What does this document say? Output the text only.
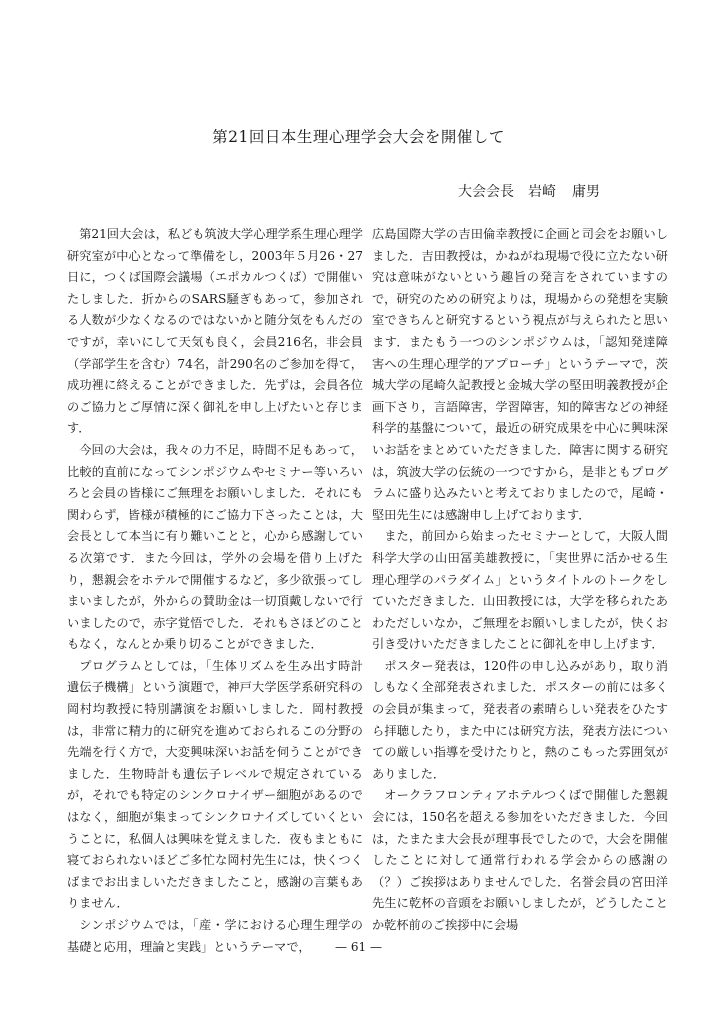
第21回日本生理心理学会大会を開催して
大会会長 岩崎 庸男

第21回大会は，私ども筑波大学心理学系生理心理学研究室が中心となって準備をし，2003年５月26・27日に，つくば国際会議場（エポカルつくば）で開催いたしました．折からのSARS騒ぎもあって，参加される人数が少なくなるのではないかと随分気をもんだのですが，幸いにして天気も良く，会員216名，非会員（学部学生を含む）74名，計290名のご参加を得て，成功裡に終えることができました．先ずは，会員各位のご協力とご厚情に深く御礼を申し上げたいと存じます．

今回の大会は，我々の力不足，時間不足もあって，比較的直前になってシンポジウムやセミナー等いろいろと会員の皆様にご無理をお願いしました．それにも関わらず，皆様が積極的にご協力下さったことは，大会長として本当に有り難いことと，心から感謝している次第です．また今回は，学外の会場を借り上げたり，懇親会をホテルで開催するなど，多少欲張ってしまいましたが，外からの賛助金は一切頂戴しないで行いましたので，赤字覚悟でした．それもさほどのこともなく，なんとか乗り切ることができました．

プログラムとしては，「生体リズムを生み出す時計遺伝子機構」という演題で，神戸大学医学系研究科の岡村均教授に特別講演をお願いしました．岡村教授は，非常に精力的に研究を進めておられるこの分野の先端を行く方で，大変興味深いお話を伺うことができました．生物時計も遺伝子レベルで規定されているが，それでも特定のシンクロナイザー細胞があるのではなく，細胞が集まってシンクロナイズしていくということに，私個人は興味を覚えました．夜もまともに寝ておられないほどご多忙な岡村先生には，快くつくばまでお出ましいただきましたこと，感謝の言葉もありません．

シンポジウムでは，「産・学における心理生理学の基礎と応用，理論と実践」というテーマで，

広島国際大学の吉田倫幸教授に企画と司会をお願いしました．吉田教授は，かねがね現場で役に立たない研究は意味がないという趣旨の発言をされていますので，研究のための研究よりは，現場からの発想を実験室できちんと研究するという視点が与えられたと思います．またもう一つのシンポジウムは，「認知発達障害への生理心理学的アプローチ」というテーマで，茨城大学の尾崎久記教授と金城大学の堅田明義教授が企画下さり，言語障害，学習障害，知的障害などの神経科学的基盤について，最近の研究成果を中心に興味深いお話をまとめていただきました．障害に関する研究は，筑波大学の伝統の一つですから，是非ともプログラムに盛り込みたいと考えておりましたので，尾崎・堅田先生には感謝申し上げております．

また，前回から始まったセミナーとして，大阪人間科学大学の山田冨美雄教授に，「実世界に活かせる生理心理学のパラダイム」というタイトルのトークをしていただきました．山田教授には，大学を移られたあわただしいなか，ご無理をお願いしましたが，快くお引き受けいただきましたことに御礼を申し上げます．

ポスター発表は，120件の申し込みがあり，取り消しもなく全部発表されました．ポスターの前には多くの会員が集まって，発表者の素晴らしい発表をひたすら拝聴したり，また中には研究方法，発表方法についての厳しい指導を受けたりと，熱のこもった雰囲気がありました．

オークラフロンティアホテルつくばで開催した懇親会には，150名を超える参加をいただきました．今回は，たまたま大会長が理事長でしたので，大会を開催したことに対して通常行われる学会からの感謝の（？）ご挨拶はありませんでした．名誉会員の宮田洋先生に乾杯の音頭をお願いしましたが，どうしたことか乾杯前のご挨拶中に会場

— 61 —
